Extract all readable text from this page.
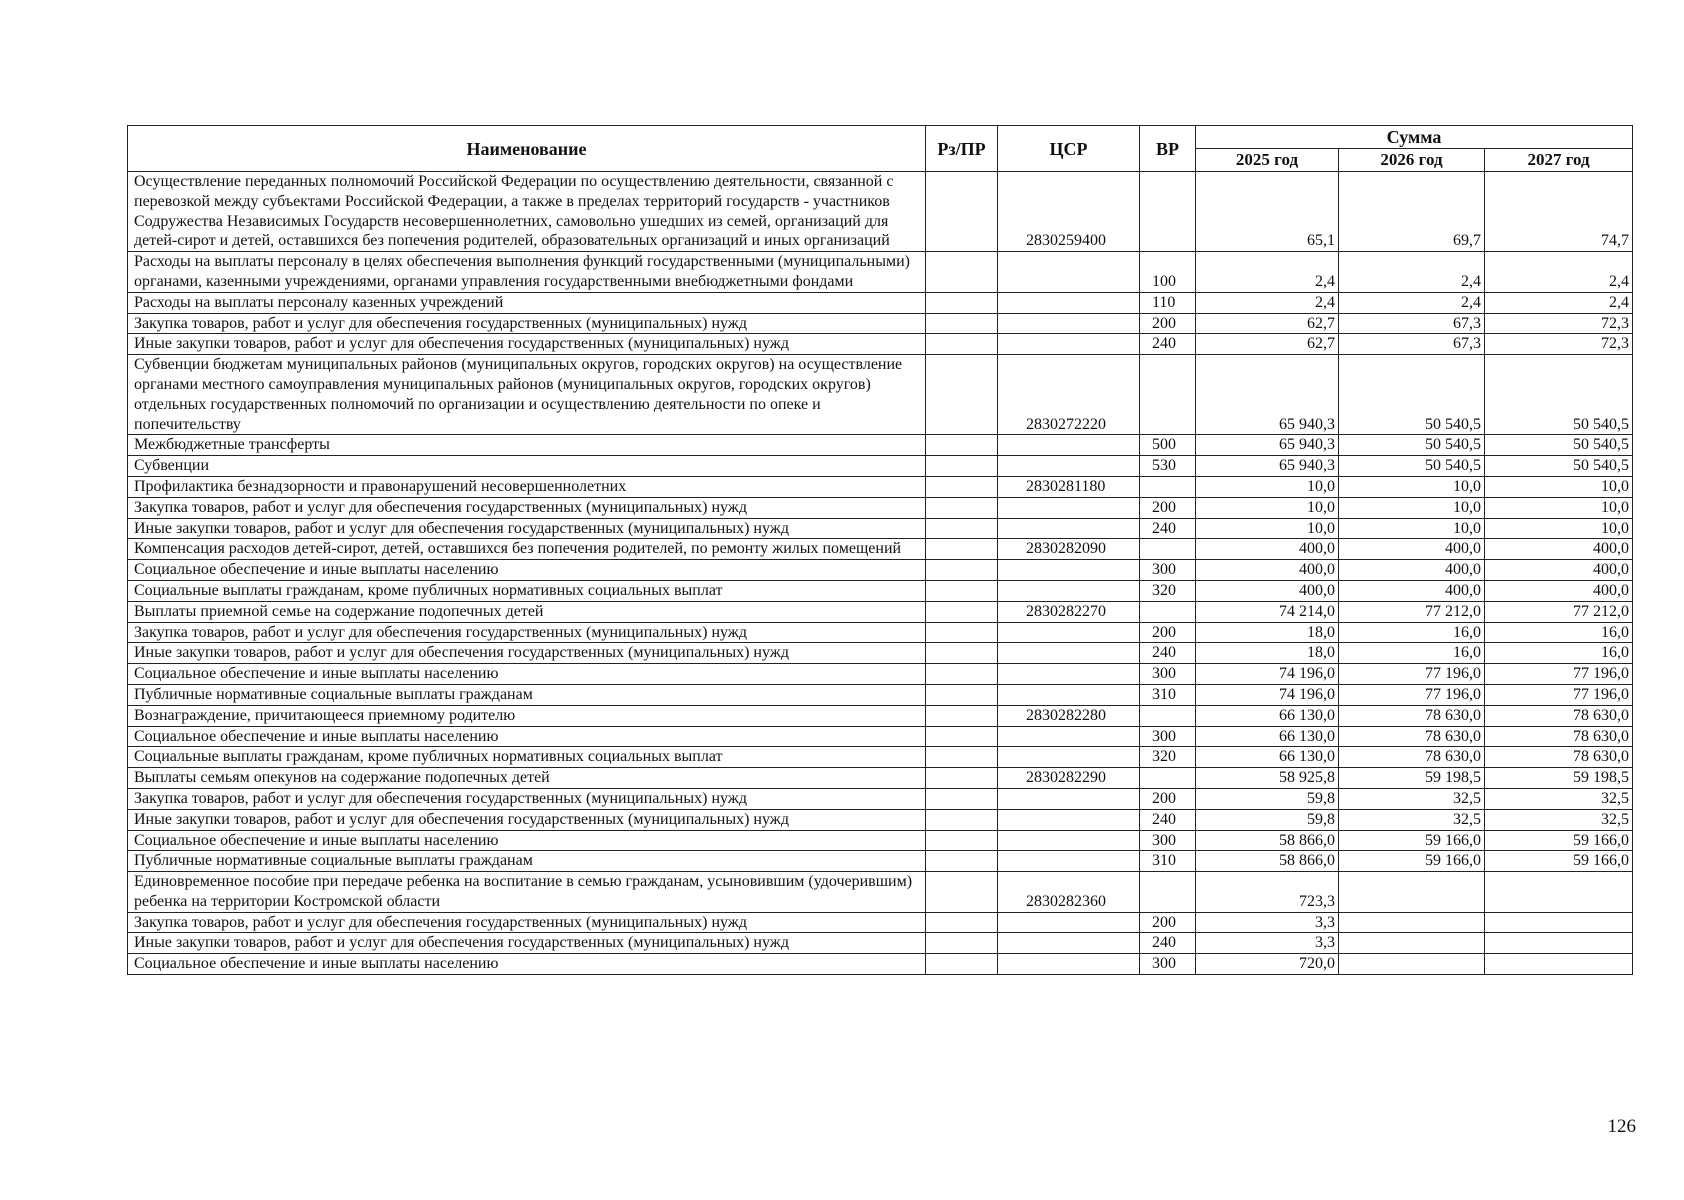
Наименование	Рз/ПР	ЦСР	ВР	Сумма		
				2025 год	2026 год	2027 год
Осуществление переданных полномочий Российской Федерации по осуществлению деятельности, связанной с перевозкой между субъектами Российской Федерации, а также в пределах территорий государств - участников Содружества Независимых Государств несовершеннолетних, самовольно ушедших из семей, организаций для детей-сирот и детей, оставшихся без попечения родителей, образовательных организаций и иных организаций		2830259400		65,1	69,7	74,7
Расходы на выплаты персоналу в целях обеспечения выполнения функций государственными (муниципальными) органами, казенными учреждениями, органами управления государственными внебюджетными фондами			100	2,4	2,4	2,4
Расходы на выплаты персоналу казенных учреждений			110	2,4	2,4	2,4
Закупка товаров, работ и услуг для обеспечения государственных (муниципальных) нужд			200	62,7	67,3	72,3
Иные закупки товаров, работ и услуг для обеспечения государственных (муниципальных) нужд			240	62,7	67,3	72,3
Субвенции бюджетам муниципальных районов (муниципальных округов, городских округов) на осуществление органами местного самоуправления муниципальных районов (муниципальных округов, городских округов) отдельных государственных полномочий по организации и осуществлению деятельности по опеке и попечительству		2830272220		65 940,3	50 540,5	50 540,5
Межбюджетные трансферты			500	65 940,3	50 540,5	50 540,5
Субвенции			530	65 940,3	50 540,5	50 540,5
Профилактика безнадзорности и правонарушений несовершеннолетних		2830281180		10,0	10,0	10,0
Закупка товаров, работ и услуг для обеспечения государственных (муниципальных) нужд			200	10,0	10,0	10,0
Иные закупки товаров, работ и услуг для обеспечения государственных (муниципальных) нужд			240	10,0	10,0	10,0
Компенсация расходов детей-сирот, детей, оставшихся без попечения родителей, по ремонту жилых помещений		2830282090		400,0	400,0	400,0
Социальное обеспечение и иные выплаты населению			300	400,0	400,0	400,0
Социальные выплаты гражданам, кроме публичных нормативных социальных выплат			320	400,0	400,0	400,0
Выплаты приемной семье на содержание подопечных детей		2830282270		74 214,0	77 212,0	77 212,0
Закупка товаров, работ и услуг для обеспечения государственных (муниципальных) нужд			200	18,0	16,0	16,0
Иные закупки товаров, работ и услуг для обеспечения государственных (муниципальных) нужд			240	18,0	16,0	16,0
Социальное обеспечение и иные выплаты населению			300	74 196,0	77 196,0	77 196,0
Публичные нормативные социальные выплаты гражданам			310	74 196,0	77 196,0	77 196,0
Вознаграждение, причитающееся приемному родителю		2830282280		66 130,0	78 630,0	78 630,0
Социальное обеспечение и иные выплаты населению			300	66 130,0	78 630,0	78 630,0
Социальные выплаты гражданам, кроме публичных нормативных социальных выплат			320	66 130,0	78 630,0	78 630,0
Выплаты семьям опекунов на содержание подопечных детей		2830282290		58 925,8	59 198,5	59 198,5
Закупка товаров, работ и услуг для обеспечения государственных (муниципальных) нужд			200	59,8	32,5	32,5
Иные закупки товаров, работ и услуг для обеспечения государственных (муниципальных) нужд			240	59,8	32,5	32,5
Социальное обеспечение и иные выплаты населению			300	58 866,0	59 166,0	59 166,0
Публичные нормативные социальные выплаты гражданам			310	58 866,0	59 166,0	59 166,0
Единовременное пособие при передаче ребенка на воспитание в семью гражданам, усыновившим (удочерившим) ребенка на территории Костромской области		2830282360		723,3		
Закупка товаров, работ и услуг для обеспечения государственных (муниципальных) нужд			200	3,3		
Иные закупки товаров, работ и услуг для обеспечения государственных (муниципальных) нужд			240	3,3		
Социальное обеспечение и иные выплаты населению			300	720,0		
126
